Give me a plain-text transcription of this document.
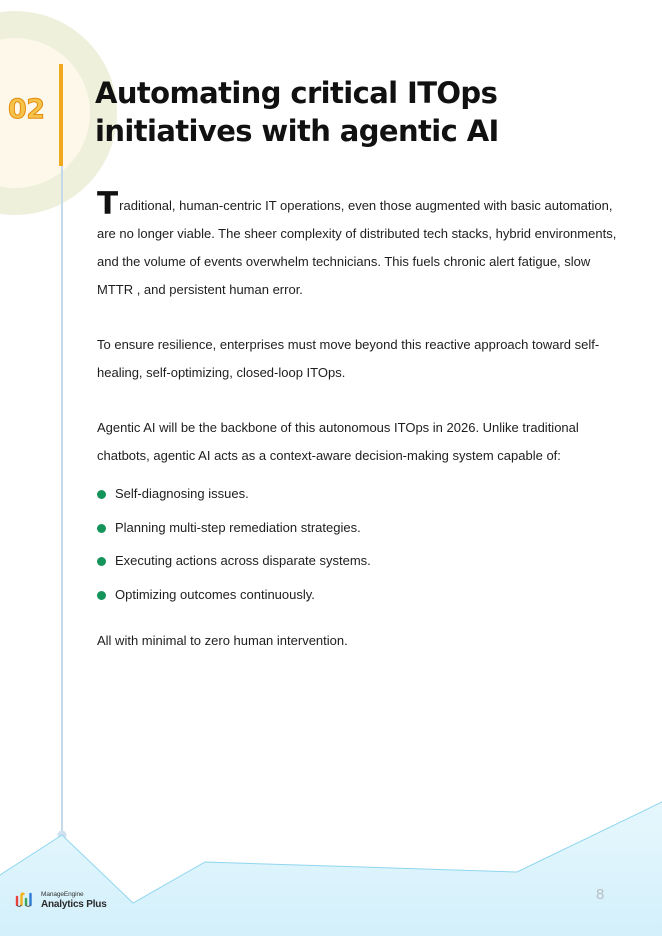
02 Automating critical ITOps initiatives with agentic AI

Traditional, human-centric IT operations, even those augmented with basic automation, are no longer viable. The sheer complexity of distributed tech stacks, hybrid environments, and the volume of events overwhelm technicians. This fuels chronic alert fatigue, slow MTTR , and persistent human error.

To ensure resilience, enterprises must move beyond this reactive approach toward self-healing, self-optimizing, closed-loop ITOps.

Agentic AI will be the backbone of this autonomous ITOps in 2026. Unlike traditional chatbots, agentic AI acts as a context-aware decision-making system capable of:

Self-diagnosing issues.
Planning multi-step remediation strategies.
Executing actions across disparate systems.
Optimizing outcomes continuously.

All with minimal to zero human intervention.

ManageEngine
Analytics Plus
8
